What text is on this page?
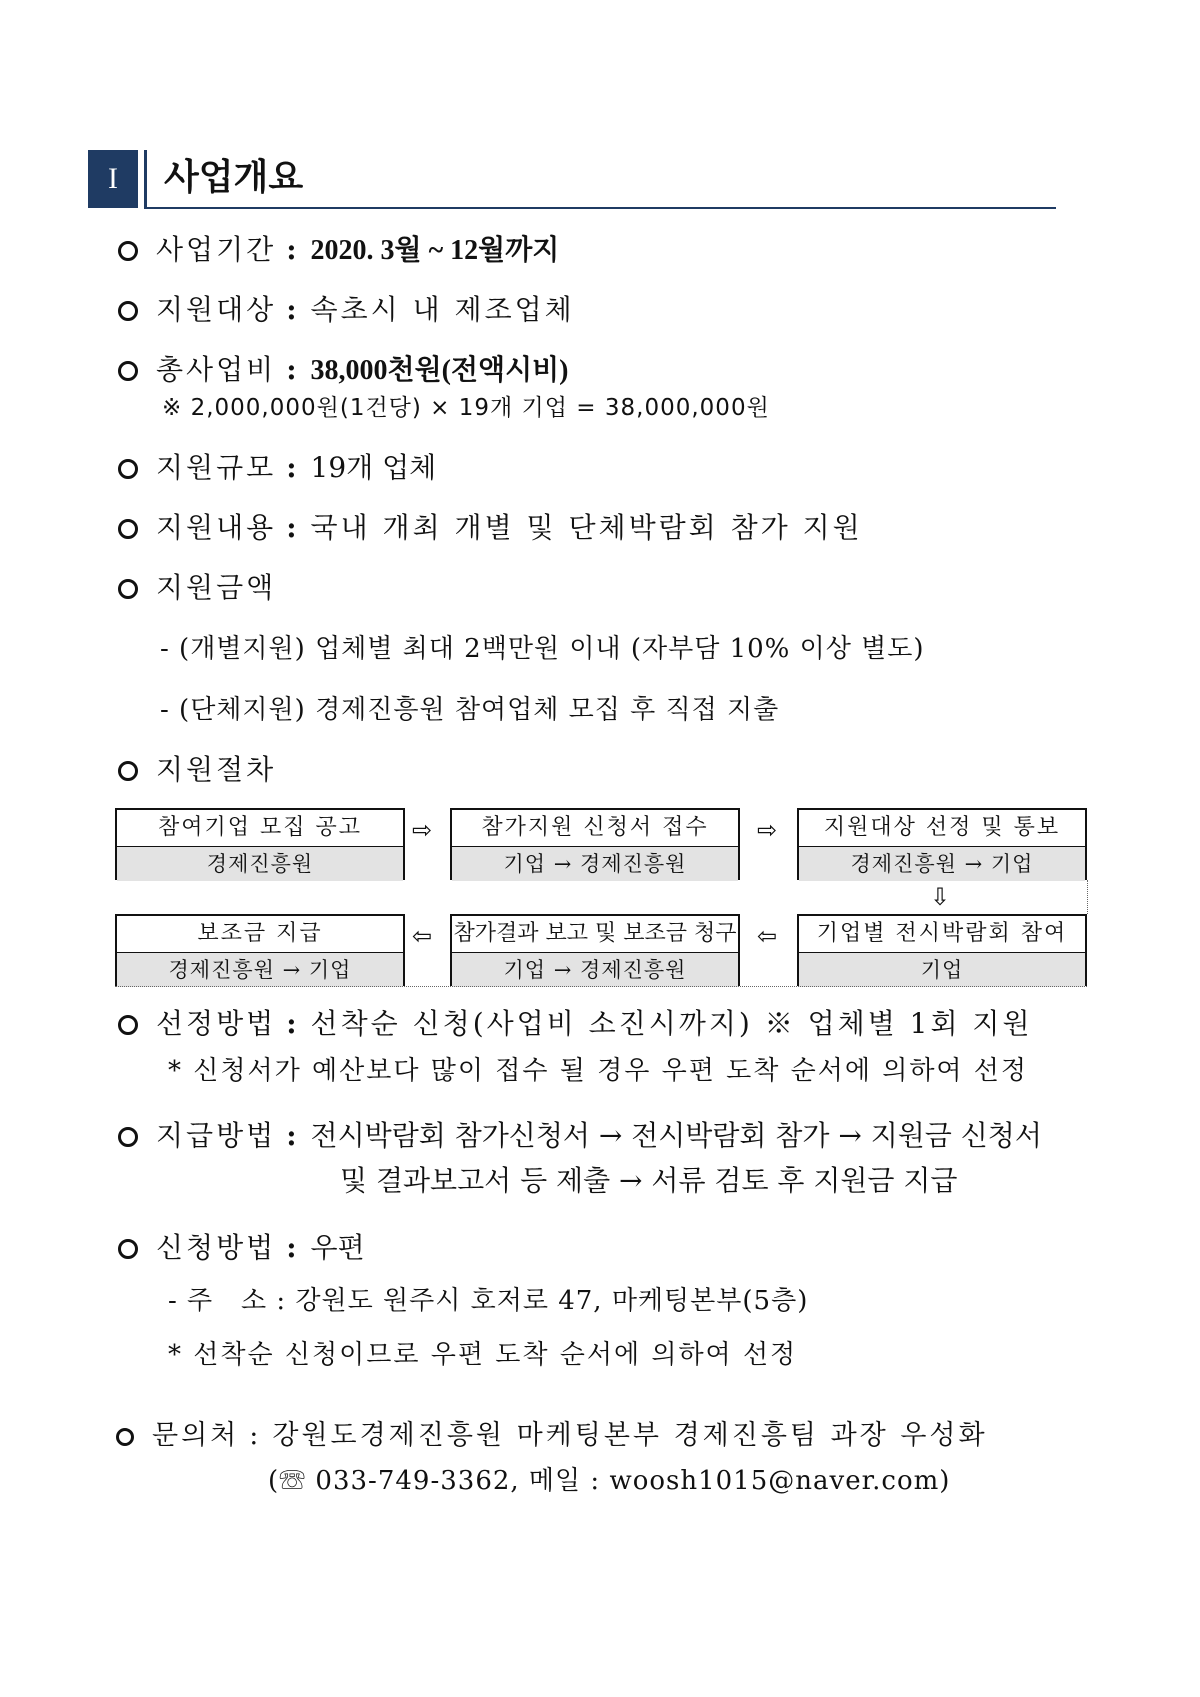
I	사업개요
사업기간 : 2020. 3월 ~ 12월까지
지원대상 : 속초시 내 제조업체
총사업비 : 38,000천원(전액시비)
※ 2,000,000원(1건당) × 19개 기업 = 38,000,000원
지원규모 : 19개 업체
지원내용 : 국내 개최 개별 및 단체박람회 참가 지원
지원금액
- (개별지원) 업체별 최대 2백만원 이내 (자부담 10% 이상 별도)
- (단체지원) 경제진흥원 참여업체 모집 후 직접 지출
지원절차
참여기업 모집 공고
경제진흥원
⇨	참가지원 신청서 접수
기업 → 경제진흥원
⇨	지원대상 선정 및 통보
경제진흥원 → 기업
⇩
보조금 지급
경제진흥원 → 기업
⇦ 참가결과 보고 및 보조금 청구
기업 → 경제진흥원
⇦	기업별 전시박람회 참여
기업
선정방법 : 선착순 신청(사업비 소진시까지) ※ 업체별 1회 지원
* 신청서가 예산보다 많이 접수 될 경우 우편 도착 순서에 의하여 선정
지급방법 : 전시박람회 참가신청서 → 전시박람회 참가 → 지원금 신청서
및 결과보고서 등 제출 → 서류 검토 후 지원금 지급
신청방법 : 우편
- 주   소 : 강원도 원주시 호저로 47, 마케팅본부(5층)
* 선착순 신청이므로 우편 도착 순서에 의하여 선정
문의처 : 강원도경제진흥원 마케팅본부 경제진흥팀 과장 우성화
(☏ 033-749-3362, 메일 : woosh1015@naver.com)
